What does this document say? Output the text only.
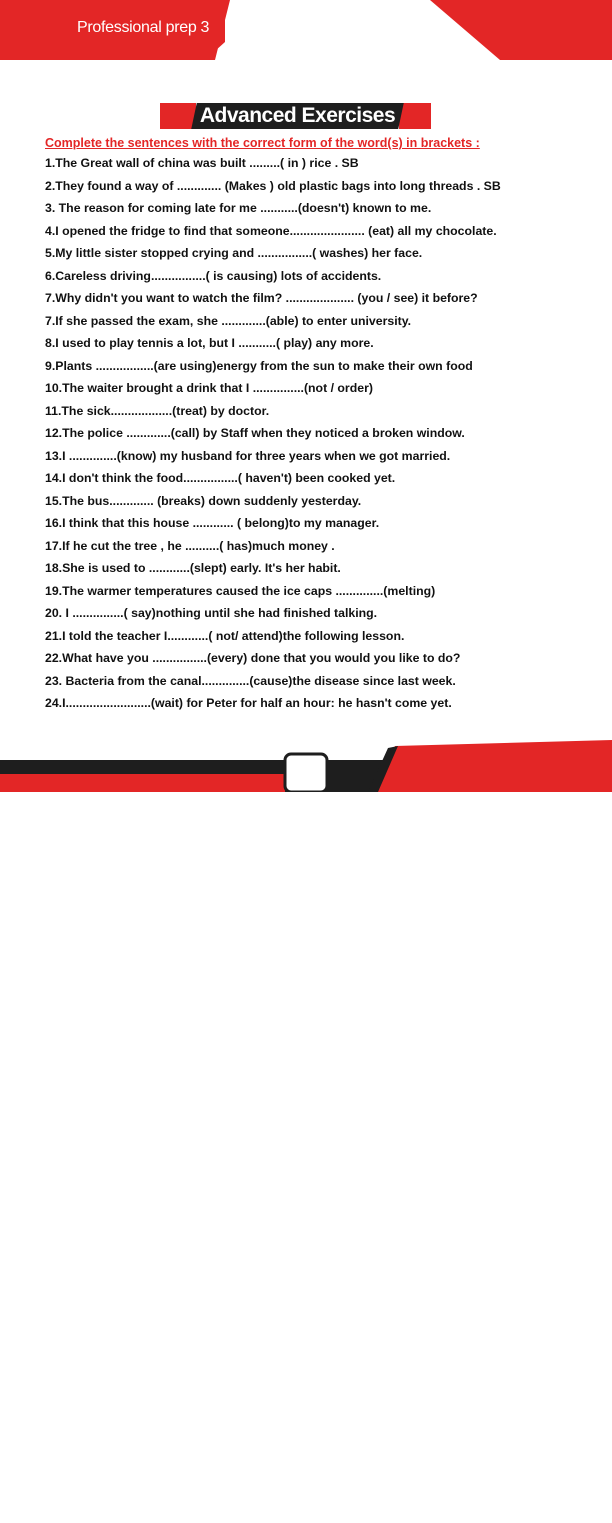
Professional prep 3
Advanced Exercises
Complete the sentences with the correct form of the word(s) in brackets :
1.The Great wall of china was built .........( in ) rice . SB
2.They found a way of ............. (Makes ) old plastic bags into long threads . SB
3. The reason for coming late for me ...........(doesn't) known to me.
4.I opened the fridge to find that someone...................... (eat) all my chocolate.
5.My little sister stopped crying and ................( washes) her face.
6.Careless driving................( is causing) lots of accidents.
7.Why didn't you want to watch the film? .................... (you / see) it before?
7.If she passed the exam, she .............(able) to enter university.
8.I used to play tennis a lot, but I ...........( play) any more.
9.Plants .................(are using)energy from the sun to make their own food
10.The waiter brought a drink that I ...............(not / order)
11.The sick..................(treat) by doctor.
12.The police .............(call) by Staff when they noticed a broken window.
13.I ..............(know) my husband for three years when we got married.
14.I don't think the food................( haven't) been cooked yet.
15.The bus............. (breaks) down suddenly yesterday.
16.I think that this house ............ ( belong)to my manager.
17.If he cut the tree , he ..........( has)much money .
18.She is used to ............(slept) early. It's her habit.
19.The warmer temperatures caused the ice caps ..............(melting)
20. I ...............( say)nothing until she had finished talking.
21.I told the teacher I............( not/ attend)the following lesson.
22.What have you ................(every) done that you would you like to do?
23. Bacteria from the canal..............(cause)the disease since last week.
24.I.........................(wait) for Peter for half an hour: he hasn't come yet.
Professional
